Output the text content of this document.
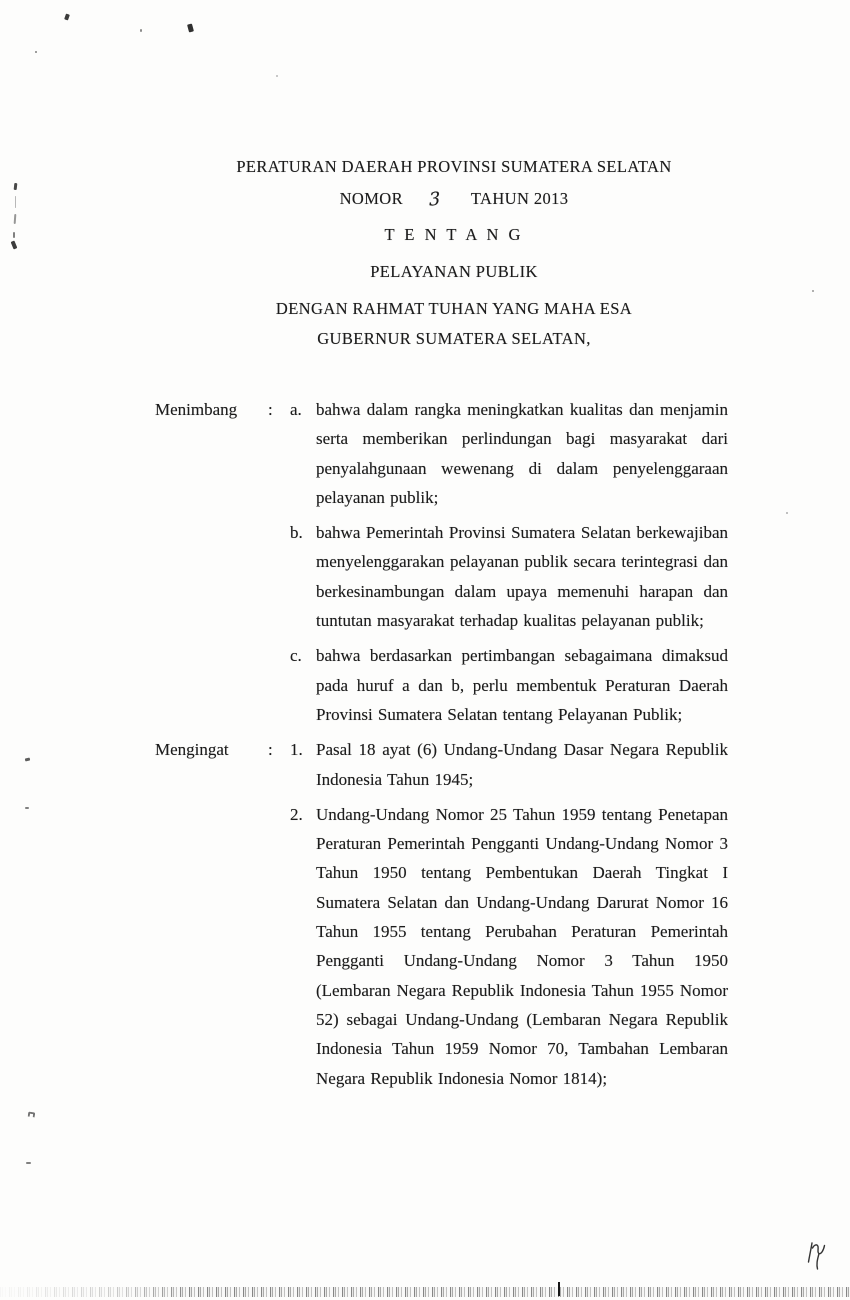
PERATURAN DAERAH PROVINSI SUMATERA SELATAN
NOMOR 3 TAHUN 2013
T E N T A N G
PELAYANAN PUBLIK
DENGAN RAHMAT TUHAN YANG MAHA ESA
GUBERNUR SUMATERA SELATAN,
Menimbang	:	a. bahwa dalam rangka meningkatkan kualitas dan menjamin serta memberikan perlindungan bagi masyarakat dari penyalahgunaan wewenang di dalam penyelenggaraan pelayanan publik;

b. bahwa Pemerintah Provinsi Sumatera Selatan berkewajiban menyelenggarakan pelayanan publik secara terintegrasi dan berkesinambungan dalam upaya memenuhi harapan dan tuntutan masyarakat terhadap kualitas pelayanan publik;

c. bahwa berdasarkan pertimbangan sebagaimana dimaksud pada huruf a dan b, perlu membentuk Peraturan Daerah Provinsi Sumatera Selatan tentang Pelayanan Publik;

Mengingat	:	1. Pasal 18 ayat (6) Undang-Undang Dasar Negara Republik Indonesia Tahun 1945;

2. Undang-Undang Nomor 25 Tahun 1959 tentang Penetapan Peraturan Pemerintah Pengganti Undang-Undang Nomor 3 Tahun 1950 tentang Pembentukan Daerah Tingkat I Sumatera Selatan dan Undang-Undang Darurat Nomor 16 Tahun 1955 tentang Perubahan Peraturan Pemerintah Pengganti Undang-Undang Nomor 3 Tahun 1950 (Lembaran Negara Republik Indonesia Tahun 1955 Nomor 52) sebagai Undang-Undang (Lembaran Negara Republik Indonesia Tahun 1959 Nomor 70, Tambahan Lembaran Negara Republik Indonesia Nomor 1814);
